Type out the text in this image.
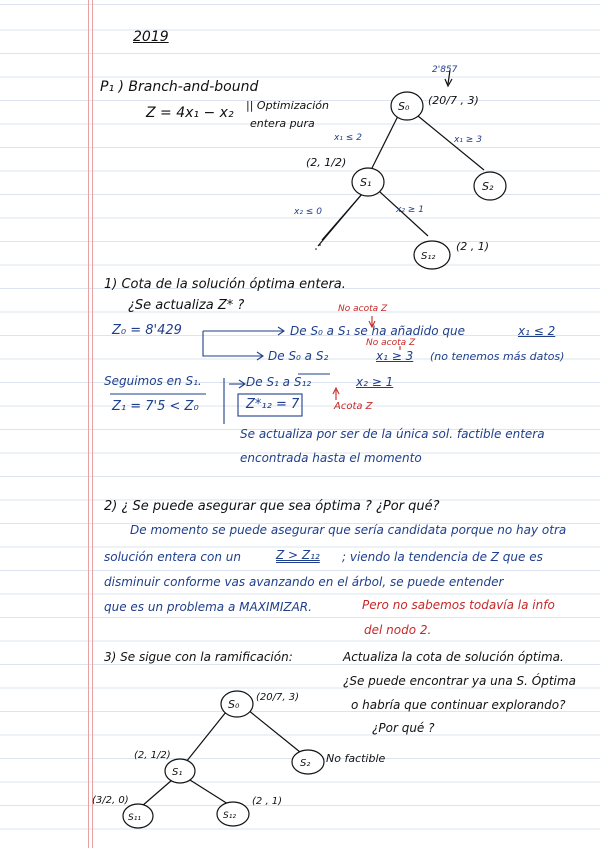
2019
P₁ ) Branch-and-bound
Z = 4x₁ − x₂ || Optimización
entera pura
S₀
S₁	S₂
S₁₂
2'857
(20/7 , 3)
(2, 1/2)
(2 , 1)
x₁ ≤ 2	x₁ ≥ 3
x₂ ≤ 0	x₂ ≥ 1
1) Cota de la solución óptima entera.
¿Se actualiza Z* ?	No acota Z
Z₀ = 8'429	De S₀ a S₁ se ha añadido que	x₁ ≤ 2
No acota Z
De S₀ a S₂	x₁ ≥ 3 (no tenemos más datos)
Seguimos en S₁.	De S₁ a S₁₂	x₂ ≥ 1
Z₁ = 7'5 < Z₀	Z*₁₂ = 7	Acota Z
Se actualiza por ser de la única sol. factible entera
encontrada hasta el momento
2) ¿ Se puede asegurar que sea óptima ? ¿Por qué?
De momento se puede asegurar que sería candidata porque no hay otra
solución entera con un	Z > Z₁₂ ; viendo la tendencia de Z que es
disminuir conforme vas avanzando en el árbol, se puede entender
que es un problema a MAXIMIZAR.	Pero no sabemos todavía la info
del nodo 2.
3) Se sigue con la ramificación:	Actualiza la cota de solución óptima.
¿Se puede encontrar ya una S. Óptima
o habría que continuar explorando?
¿Por qué ?
S₀
S₁
S₂
S₁₁	S₁₂
(20/7, 3)
(2, 1/2)
(3/2, 0)	(2 , 1)
No factible
